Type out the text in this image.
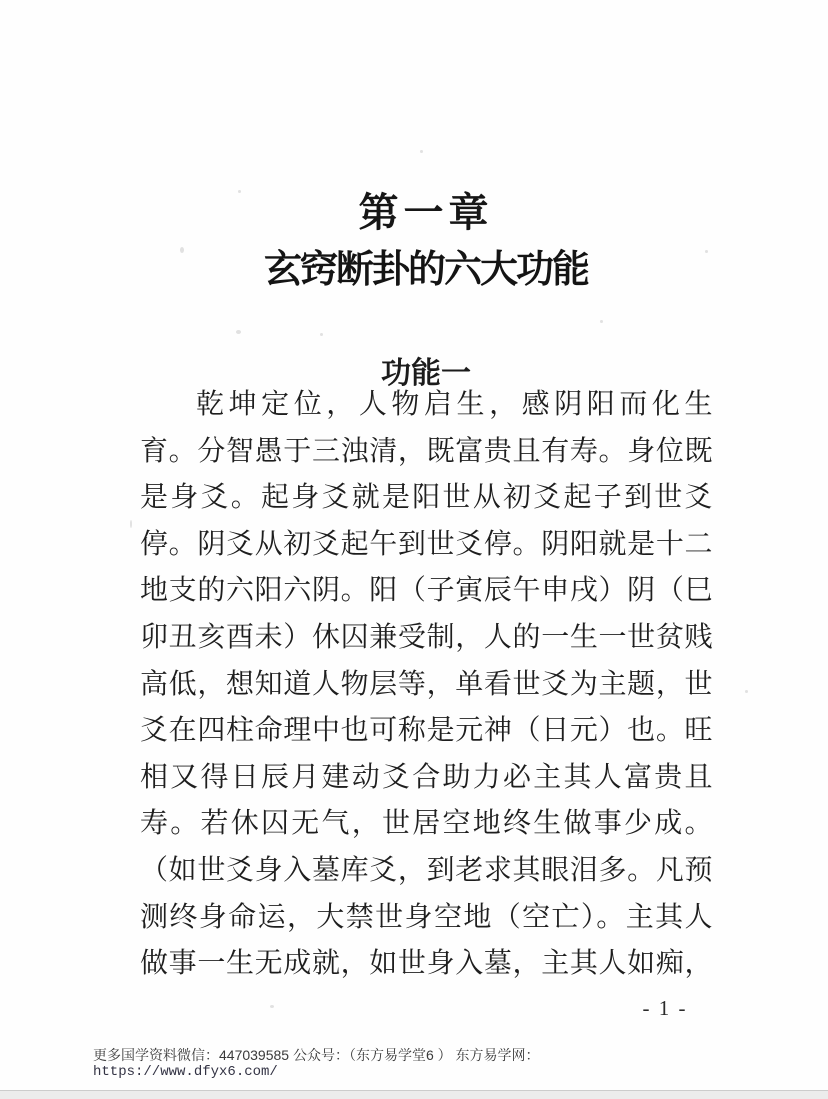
第一章
玄窍断卦的六大功能
功能一
乾坤定位，人物启生，感阴阳而化生
育。分智愚于三浊清，既富贵且有寿。身位既
是身爻。起身爻就是阳世从初爻起子到世爻
停。阴爻从初爻起午到世爻停。阴阳就是十二
地支的六阳六阴。阳（子寅辰午申戌）阴（巳
卯丑亥酉未）休囚兼受制，人的一生一世贫贱
高低，想知道人物层等，单看世爻为主题，世
爻在四柱命理中也可称是元神（日元）也。旺
相又得日辰月建动爻合助力必主其人富贵且
寿。若休囚无气，世居空地终生做事少成。
（如世爻身入墓库爻，到老求其眼泪多。凡预
测终身命运，大禁世身空地（空亡）。主其人
做事一生无成就，如世身入墓，主其人如痴，
- 1 -
更多国学资料微信：447039585 公众号：（东方易学堂6 ） 东方易学网：
https://www.dfyx6.com/
